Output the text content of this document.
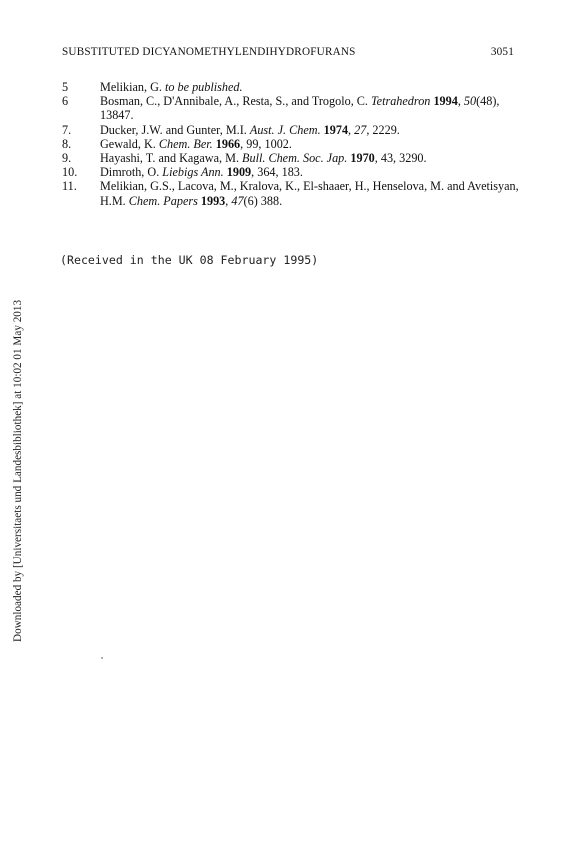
Downloaded by [Universitaets und Landesbibliothek] at 10:02 01 May 2013
SUBSTITUTED DICYANOMETHYLENDIHYDROFURANS	3051

5	Melikian, G. to be published.

6	Bosman, C., D'Annibale, A., Resta, S., and Trogolo, C. Tetrahedron 1994, 50(48), 13847.

7. Ducker, J.W. and Gunter, M.I. Aust. J. Chem. 1974, 27, 2229.

8. Gewald, K. Chem. Ber. 1966, 99, 1002.

9. Hayashi, T. and Kagawa, M. Bull. Chem. Soc. Jap. 1970, 43, 3290.

10. Dimroth, O. Liebigs Ann. 1909, 364, 183.

11. Melikian, G.S., Lacova, M., Kralova, K., El-shaaer, H., Henselova, M. and Avetisyan, H.M. Chem. Papers 1993, 47(6) 388.

(Received in the UK 08 February 1995)
